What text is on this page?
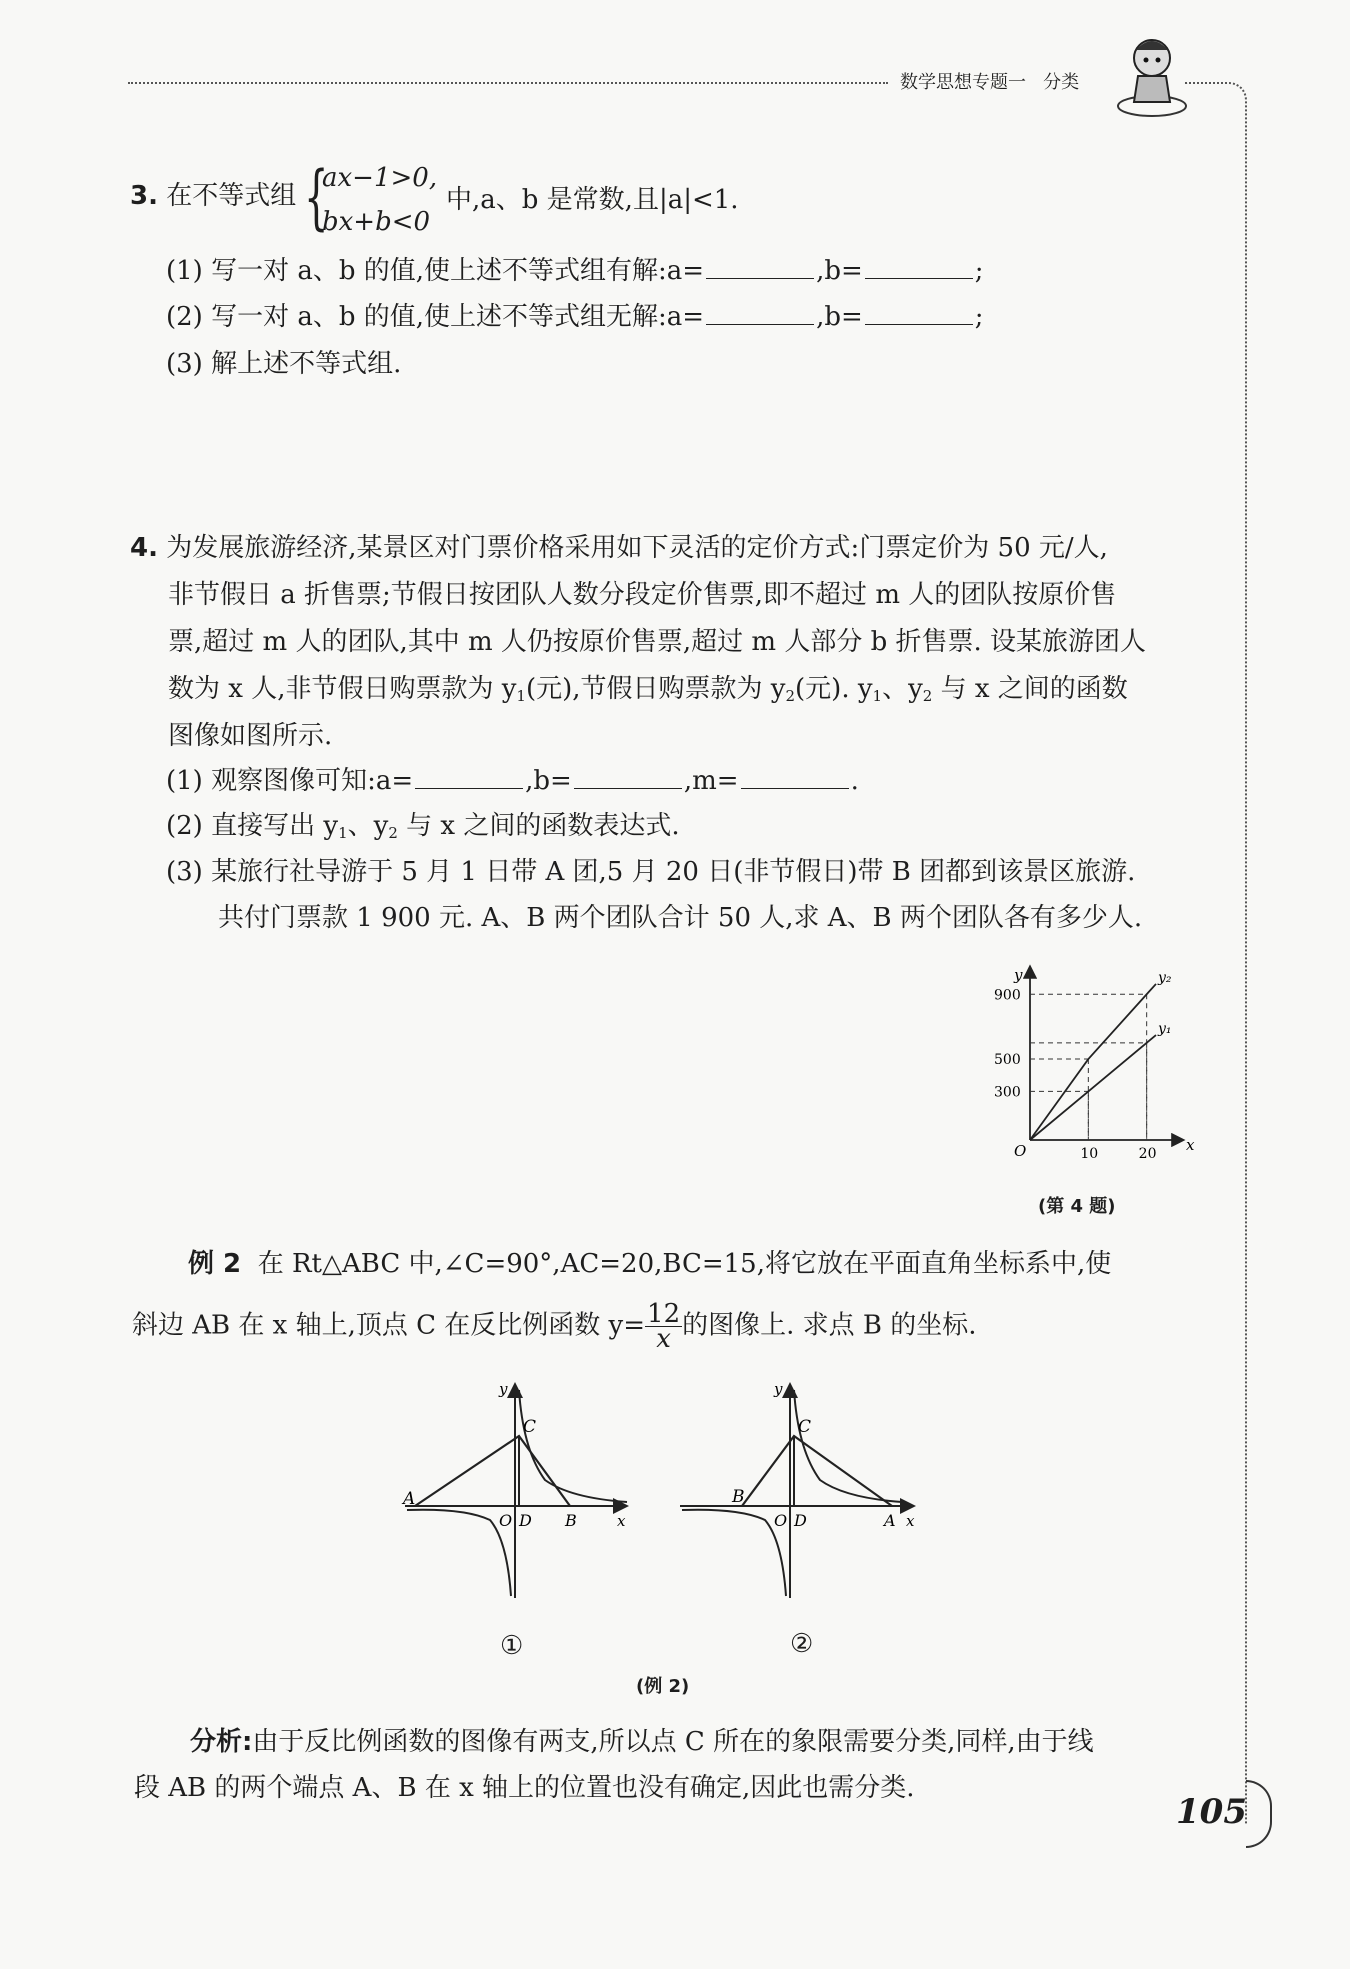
数学思想专题一 分类
3. 在不等式组 {
ax−1>0,
bx+b<0
中,a、b 是常数,且|a|<1.
(1) 写一对 a、b 的值,使上述不等式组有解:a=	,b=	;
(2) 写一对 a、b 的值,使上述不等式组无解:a=	,b=	;
(3) 解上述不等式组.
4. 为发展旅游经济,某景区对门票价格采用如下灵活的定价方式:门票定价为 50 元/人,
非节假日 a 折售票;节假日按团队人数分段定价售票,即不超过 m 人的团队按原价售
票,超过 m 人的团队,其中 m 人仍按原价售票,超过 m 人部分 b 折售票. 设某旅游团人
数为 x 人,非节假日购票款为 $y_1$(元),节假日购票款为 $y_2$(元). $y_1$、$y_2$ 与 x 之间的函数
图像如图所示.
(1) 观察图像可知:a=	,b=	,m=	.
(2) 直接写出 $y_1$、$y_2$ 与 x 之间的函数表达式.
(3) 某旅行社导游于 5 月 1 日带 A 团,5 月 20 日(非节假日)带 B 团都到该景区旅游.
共付门票款 1 900 元. A、B 两个团队合计 50 人,求 A、B 两个团队各有多少人.
x
y
O	10	20
300
500
900
y₂
y₁
(第 4 题)
例 2 在 Rt△ABC 中,∠C=90°,AC=20,BC=15,将它放在平面直角坐标系中,使
斜边 AB 在 x 轴上,顶点 C 在反比例函数 $y= \frac{12}{x}$ 的图像上. 求点 B 的坐标.
A
C
O D B	x
y
①
B
C
O D	A x
y
②
(例 2)
分析:由于反比例函数的图像有两支,所以点 C 所在的象限需要分类,同样,由于线
段 AB 的两个端点 A、B 在 x 轴上的位置也没有确定,因此也需分类.
105
